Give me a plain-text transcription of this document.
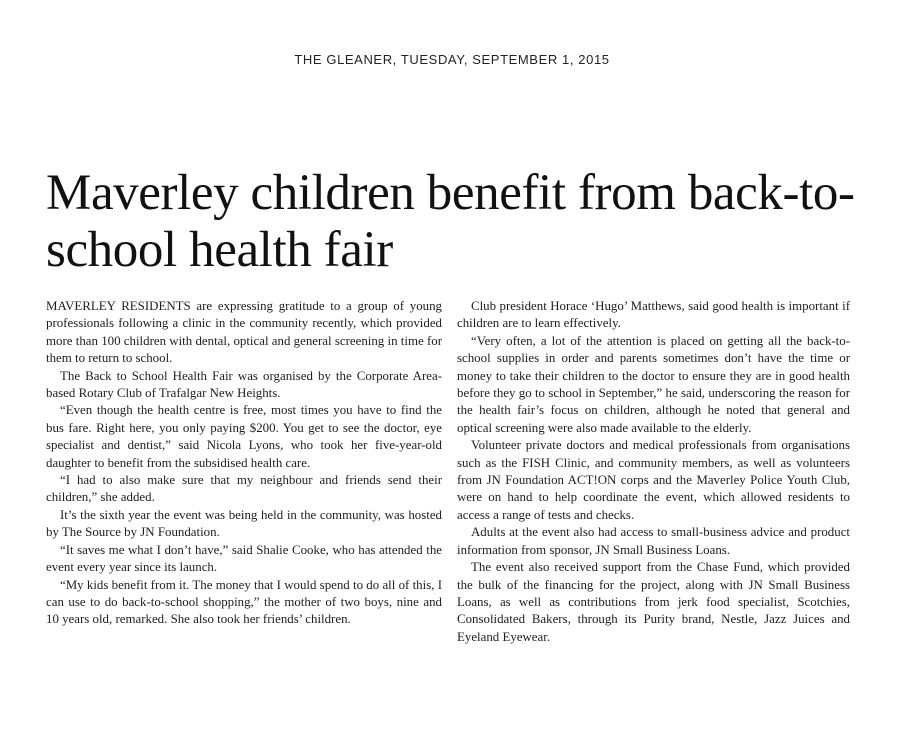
THE GLEANER, TUESDAY, SEPTEMBER 1, 2015
Maverley children benefit from back-to-school health fair

MAVERLEY RESIDENTS are expressing gratitude to a group of young professionals following a clinic in the community recently, which provided more than 100 children with dental, optical and general screening in time for them to return to school.

The Back to School Health Fair was organised by the Corporate Area-based Rotary Club of Trafalgar New Heights.

“Even though the health centre is free, most times you have to find the bus fare. Right here, you only paying $200. You get to see the doctor, eye specialist and dentist,” said Nicola Lyons, who took her five-year-old daughter to benefit from the subsidised health care.

“I had to also make sure that my neighbour and friends send their children,” she added.

It’s the sixth year the event was being held in the community, was hosted by The Source by JN Foundation.

“It saves me what I don’t have,” said Shalie Cooke, who has attended the event every year since its launch.

“My kids benefit from it. The money that I would spend to do all of this, I can use to do back-to-school shopping,” the mother of two boys, nine and 10 years old, remarked. She also took her friends’ children.

Club president Horace ‘Hugo’ Matthews, said good health is important if children are to learn effectively.

“Very often, a lot of the attention is placed on getting all the back-to-school supplies in order and parents sometimes don’t have the time or money to take their children to the doctor to ensure they are in good health before they go to school in September,” he said, underscoring the reason for the health fair’s focus on children, although he noted that general and optical screening were also made available to the elderly.

Volunteer private doctors and medical professionals from organisations such as the FISH Clinic, and community members, as well as volunteers from JN Foundation ACT!ON corps and the Maverley Police Youth Club, were on hand to help coordinate the event, which allowed residents to access a range of tests and checks.

Adults at the event also had access to small-business advice and product information from sponsor, JN Small Business Loans.

The event also received support from the Chase Fund, which provided the bulk of the financing for the project, along with JN Small Business Loans, as well as contributions from jerk food specialist, Scotchies, Consolidated Bakers, through its Purity brand, Nestle, Jazz Juices and Eyeland Eyewear.
